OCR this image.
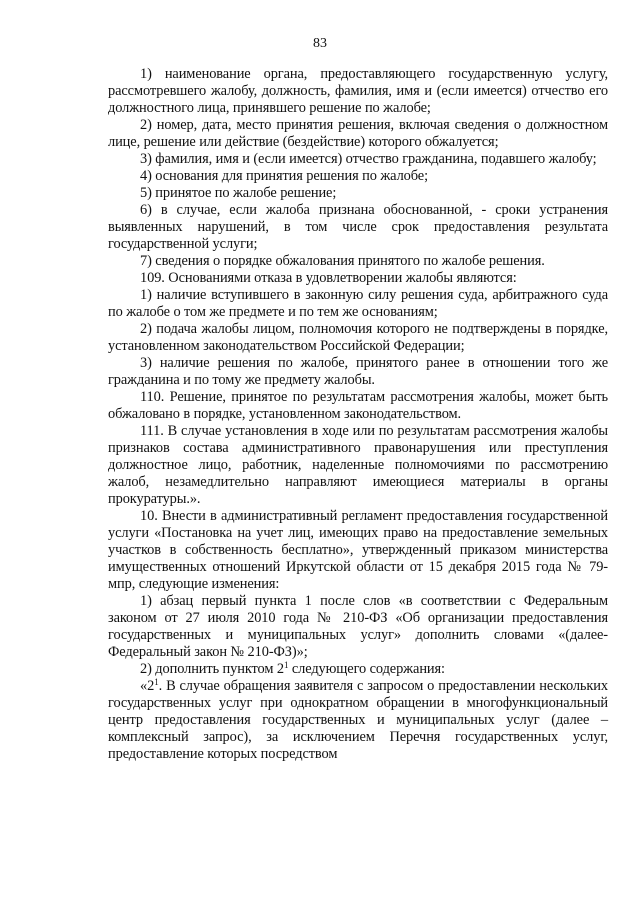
83

1) наименование органа, предоставляющего государственную услугу, рассмотревшего жалобу, должность, фамилия, имя и (если имеется) отчество его должностного лица, принявшего решение по жалобе;

2) номер, дата, место принятия решения, включая сведения о должностном лице, решение или действие (бездействие) которого обжалуется;

3) фамилия, имя и (если имеется) отчество гражданина, подавшего жалобу;

4) основания для принятия решения по жалобе;

5) принятое по жалобе решение;

6) в случае, если жалоба признана обоснованной, - сроки устранения выявленных нарушений, в том числе срок предоставления результата государственной услуги;

7) сведения о порядке обжалования принятого по жалобе решения.

109. Основаниями отказа в удовлетворении жалобы являются:

1) наличие вступившего в законную силу решения суда, арбитражного суда по жалобе о том же предмете и по тем же основаниям;

2) подача жалобы лицом, полномочия которого не подтверждены в порядке, установленном законодательством Российской Федерации;

3) наличие решения по жалобе, принятого ранее в отношении того же гражданина и по тому же предмету жалобы.

110. Решение, принятое по результатам рассмотрения жалобы, может быть обжаловано в порядке, установленном законодательством.

111. В случае установления в ходе или по результатам рассмотрения жалобы признаков состава административного правонарушения или преступления должностное лицо, работник, наделенные полномочиями по рассмотрению жалоб, незамедлительно направляют имеющиеся материалы в органы прокуратуры.».

10. Внести в административный регламент предоставления государственной услуги «Постановка на учет лиц, имеющих право на предоставление земельных участков в собственность бесплатно», утвержденный приказом министерства имущественных отношений Иркутской области от 15 декабря 2015 года № 79-мпр, следующие изменения:

1) абзац первый пункта 1 после слов «в соответствии с Федеральным законом от 27 июля 2010 года № 210-ФЗ «Об организации предоставления государственных и муниципальных услуг» дополнить словами «(далее- Федеральный закон № 210-ФЗ)»;

2) дополнить пунктом $2^1$ следующего содержания:

«$2^1$. В случае обращения заявителя с запросом о предоставлении нескольких государственных услуг при однократном обращении в многофункциональный центр предоставления государственных и муниципальных услуг (далее – комплексный запрос), за исключением Перечня государственных услуг, предоставление которых посредством
